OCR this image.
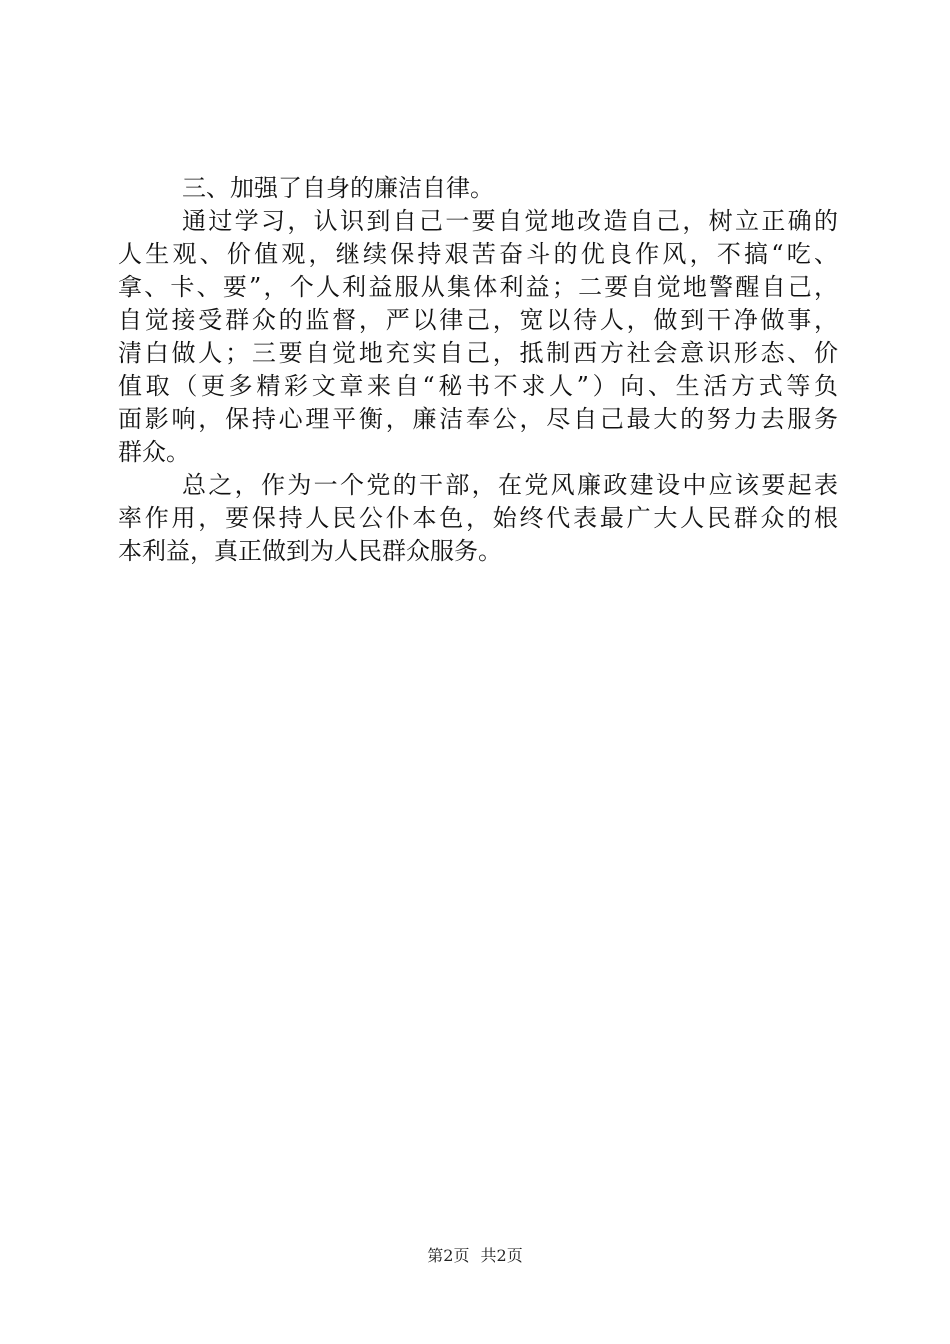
三、加强了自身的廉洁自律。
通过学习，认识到自己一要自觉地改造自己，树立正确的
人生观、价值观，继续保持艰苦奋斗的优良作风，不搞“吃、
拿、卡、要”，个人利益服从集体利益；二要自觉地警醒自己，
自觉接受群众的监督，严以律己，宽以待人，做到干净做事，
清白做人；三要自觉地充实自己，抵制西方社会意识形态、价
值取（更多精彩文章来自“秘书不求人”）向、生活方式等负
面影响，保持心理平衡，廉洁奉公，尽自己最大的努力去服务
群众。
总之，作为一个党的干部，在党风廉政建设中应该要起表
率作用，要保持人民公仆本色，始终代表最广大人民群众的根
本利益，真正做到为人民群众服务。
第2页 共2页
